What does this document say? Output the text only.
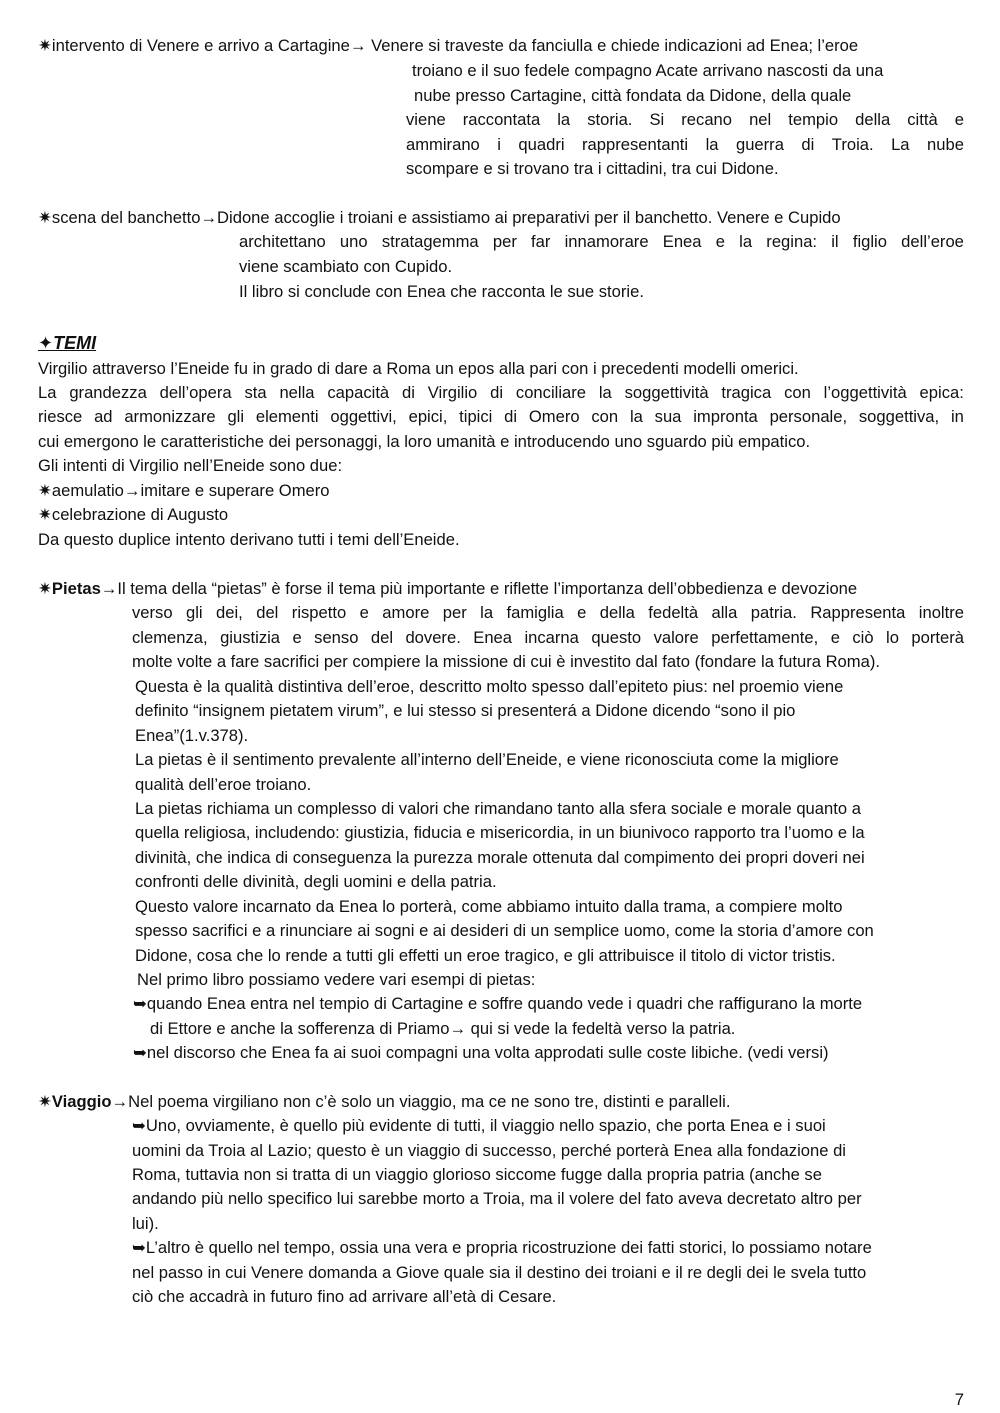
✷intervento di Venere e arrivo a Cartagine→ Venere si traveste da fanciulla e chiede indicazioni ad Enea; l’eroe
troiano e il suo fedele compagno Acate arrivano nascosti da una
nube presso Cartagine, città fondata da Didone, della quale
viene raccontata la storia. Si recano nel tempio della città e
ammirano i quadri rappresentanti la guerra di Troia. La nube
scompare e si trovano tra i cittadini, tra cui Didone.
✷scena del banchetto→Didone accoglie i troiani e assistiamo ai preparativi per il banchetto. Venere e Cupido
architettano uno stratagemma per far innamorare Enea e la regina: il figlio dell’eroe
viene scambiato con Cupido.
Il libro si conclude con Enea che racconta le sue storie.
✦TEMI
Virgilio attraverso l’Eneide fu in grado di dare a Roma un epos alla pari con i precedenti modelli omerici.
La grandezza dell’opera sta nella capacità di Virgilio di conciliare la soggettività tragica con l’oggettività epica:
riesce ad armonizzare gli elementi oggettivi, epici, tipici di Omero con la sua impronta personale, soggettiva, in
cui emergono le caratteristiche dei personaggi, la loro umanità e introducendo uno sguardo più empatico.
Gli intenti di Virgilio nell’Eneide sono due:
✷aemulatio→imitare e superare Omero
✷celebrazione di Augusto
Da questo duplice intento derivano tutti i temi dell’Eneide.
✷Pietas→Il tema della “pietas” è forse il tema più importante e riflette l’importanza dell’obbedienza e devozione
verso gli dei, del rispetto e amore per la famiglia e della fedeltà alla patria. Rappresenta inoltre
clemenza, giustizia e senso del dovere. Enea incarna questo valore perfettamente, e ciò lo porterà
molte volte a fare sacrifici per compiere la missione di cui è investito dal fato (fondare la futura Roma).
Questa è la qualità distintiva dell’eroe, descritto molto spesso dall’epiteto pius: nel proemio viene
definito “insignem pietatem virum”, e lui stesso si presenterá a Didone dicendo “sono il pio
Enea”(1.v.378).
La pietas è il sentimento prevalente all’interno dell’Eneide, e viene riconosciuta come la migliore
qualità dell’eroe troiano.
La pietas richiama un complesso di valori che rimandano tanto alla sfera sociale e morale quanto a
quella religiosa, includendo: giustizia, fiducia e misericordia, in un biunivoco rapporto tra l’uomo e la
divinità, che indica di conseguenza la purezza morale ottenuta dal compimento dei propri doveri nei
confronti delle divinità, degli uomini e della patria.
Questo valore incarnato da Enea lo porterà, come abbiamo intuito dalla trama, a compiere molto
spesso sacrifici e a rinunciare ai sogni e ai desideri di un semplice uomo, come la storia d’amore con
Didone, cosa che lo rende a tutti gli effetti un eroe tragico, e gli attribuisce il titolo di victor tristis.
Nel primo libro possiamo vedere vari esempi di pietas:
➥quando Enea entra nel tempio di Cartagine e soffre quando vede i quadri che raffigurano la morte
di Ettore e anche la sofferenza di Priamo→ qui si vede la fedeltà verso la patria.
➥nel discorso che Enea fa ai suoi compagni una volta approdati sulle coste libiche. (vedi versi)
✷Viaggio→Nel poema virgiliano non c’è solo un viaggio, ma ce ne sono tre, distinti e paralleli.
➥Uno, ovviamente, è quello più evidente di tutti, il viaggio nello spazio, che porta Enea e i suoi
uomini da Troia al Lazio; questo è un viaggio di successo, perché porterà Enea alla fondazione di
Roma, tuttavia non si tratta di un viaggio glorioso siccome fugge dalla propria patria (anche se
andando più nello specifico lui sarebbe morto a Troia, ma il volere del fato aveva decretato altro per
lui).
➥L’altro è quello nel tempo, ossia una vera e propria ricostruzione dei fatti storici, lo possiamo notare
nel passo in cui Venere domanda a Giove quale sia il destino dei troiani e il re degli dei le svela tutto
ciò che accadrà in futuro fino ad arrivare all’età di Cesare.
7
